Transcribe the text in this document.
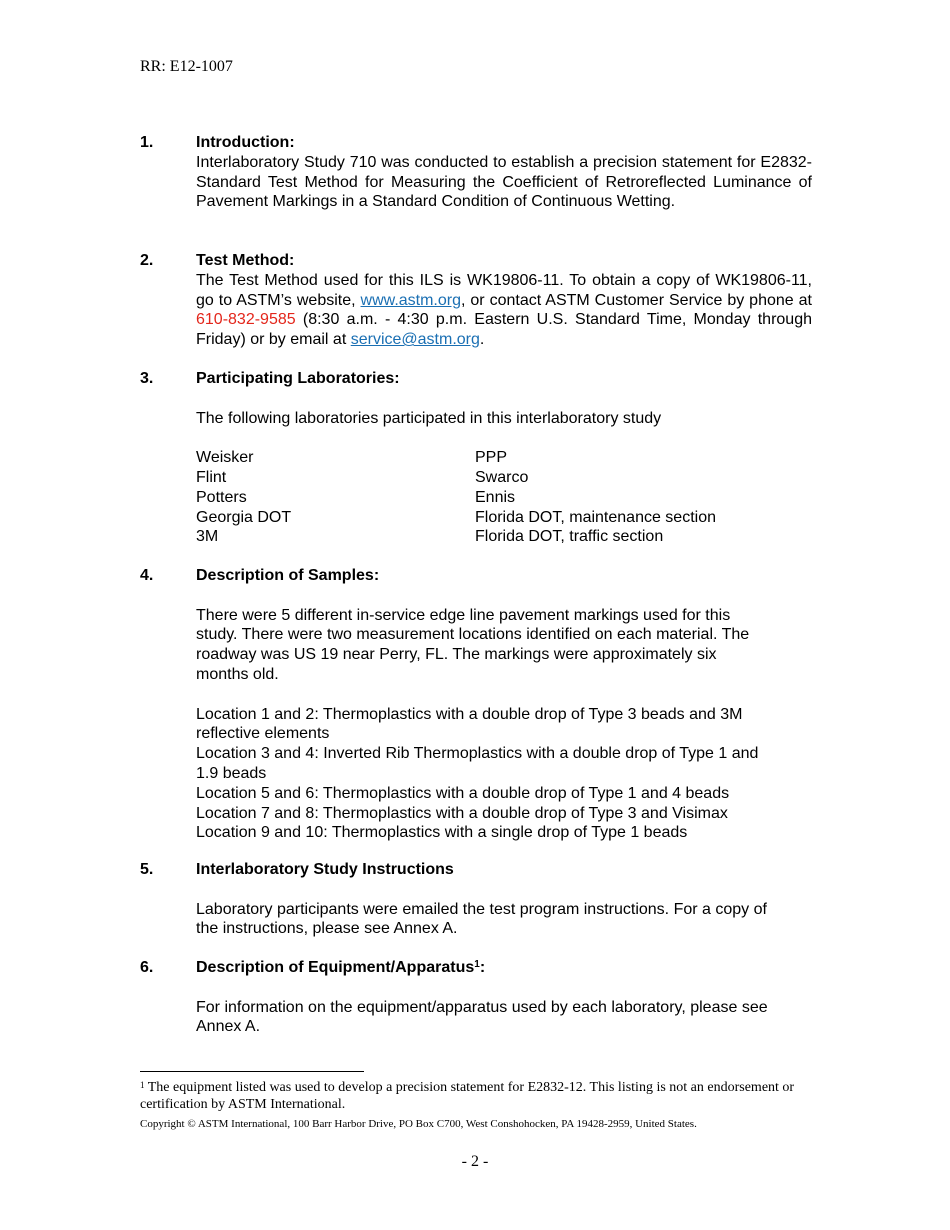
RR: E12-1007
1.	Introduction:
Interlaboratory Study 710 was conducted to establish a precision statement for E2832- Standard Test Method for Measuring the Coefficient of Retroreflected Luminance of Pavement Markings in a Standard Condition of Continuous Wetting.
2.	Test Method:
The Test Method used for this ILS is WK19806-11. To obtain a copy of WK19806-11, go to ASTM’s website, www.astm.org, or contact ASTM Customer Service by phone at 610-832-9585 (8:30 a.m. - 4:30 p.m. Eastern U.S. Standard Time, Monday through Friday) or by email at service@astm.org.
3.	Participating Laboratories:
The following laboratories participated in this interlaboratory study
Weisker	PPP
Flint	Swarco
Potters	Ennis
Georgia DOT	Florida DOT, maintenance section
3M	Florida DOT, traffic section
4.	Description of Samples:
There were 5 different in-service edge line pavement markings used for this
study. There were two measurement locations identified on each material. The
roadway was US 19 near Perry, FL. The markings were approximately six
months old.
Location 1 and 2: Thermoplastics with a double drop of Type 3 beads and 3M
reflective elements
Location 3 and 4: Inverted Rib Thermoplastics with a double drop of Type 1 and
1.9 beads
Location 5 and 6: Thermoplastics with a double drop of Type 1 and 4 beads
Location 7 and 8: Thermoplastics with a double drop of Type 3 and Visimax
Location 9 and 10: Thermoplastics with a single drop of Type 1 beads
5.	Interlaboratory Study Instructions
Laboratory participants were emailed the test program instructions. For a copy of
the instructions, please see Annex A.
6.	Description of Equipment/Apparatus$^1$:
For information on the equipment/apparatus used by each laboratory, please see
Annex A.
$^1$ The equipment listed was used to develop a precision statement for E2832-12. This listing is not an endorsement or certification by ASTM International.
Copyright © ASTM International, 100 Barr Harbor Drive, PO Box C700, West Conshohocken, PA 19428-2959, United States.
- 2 -
